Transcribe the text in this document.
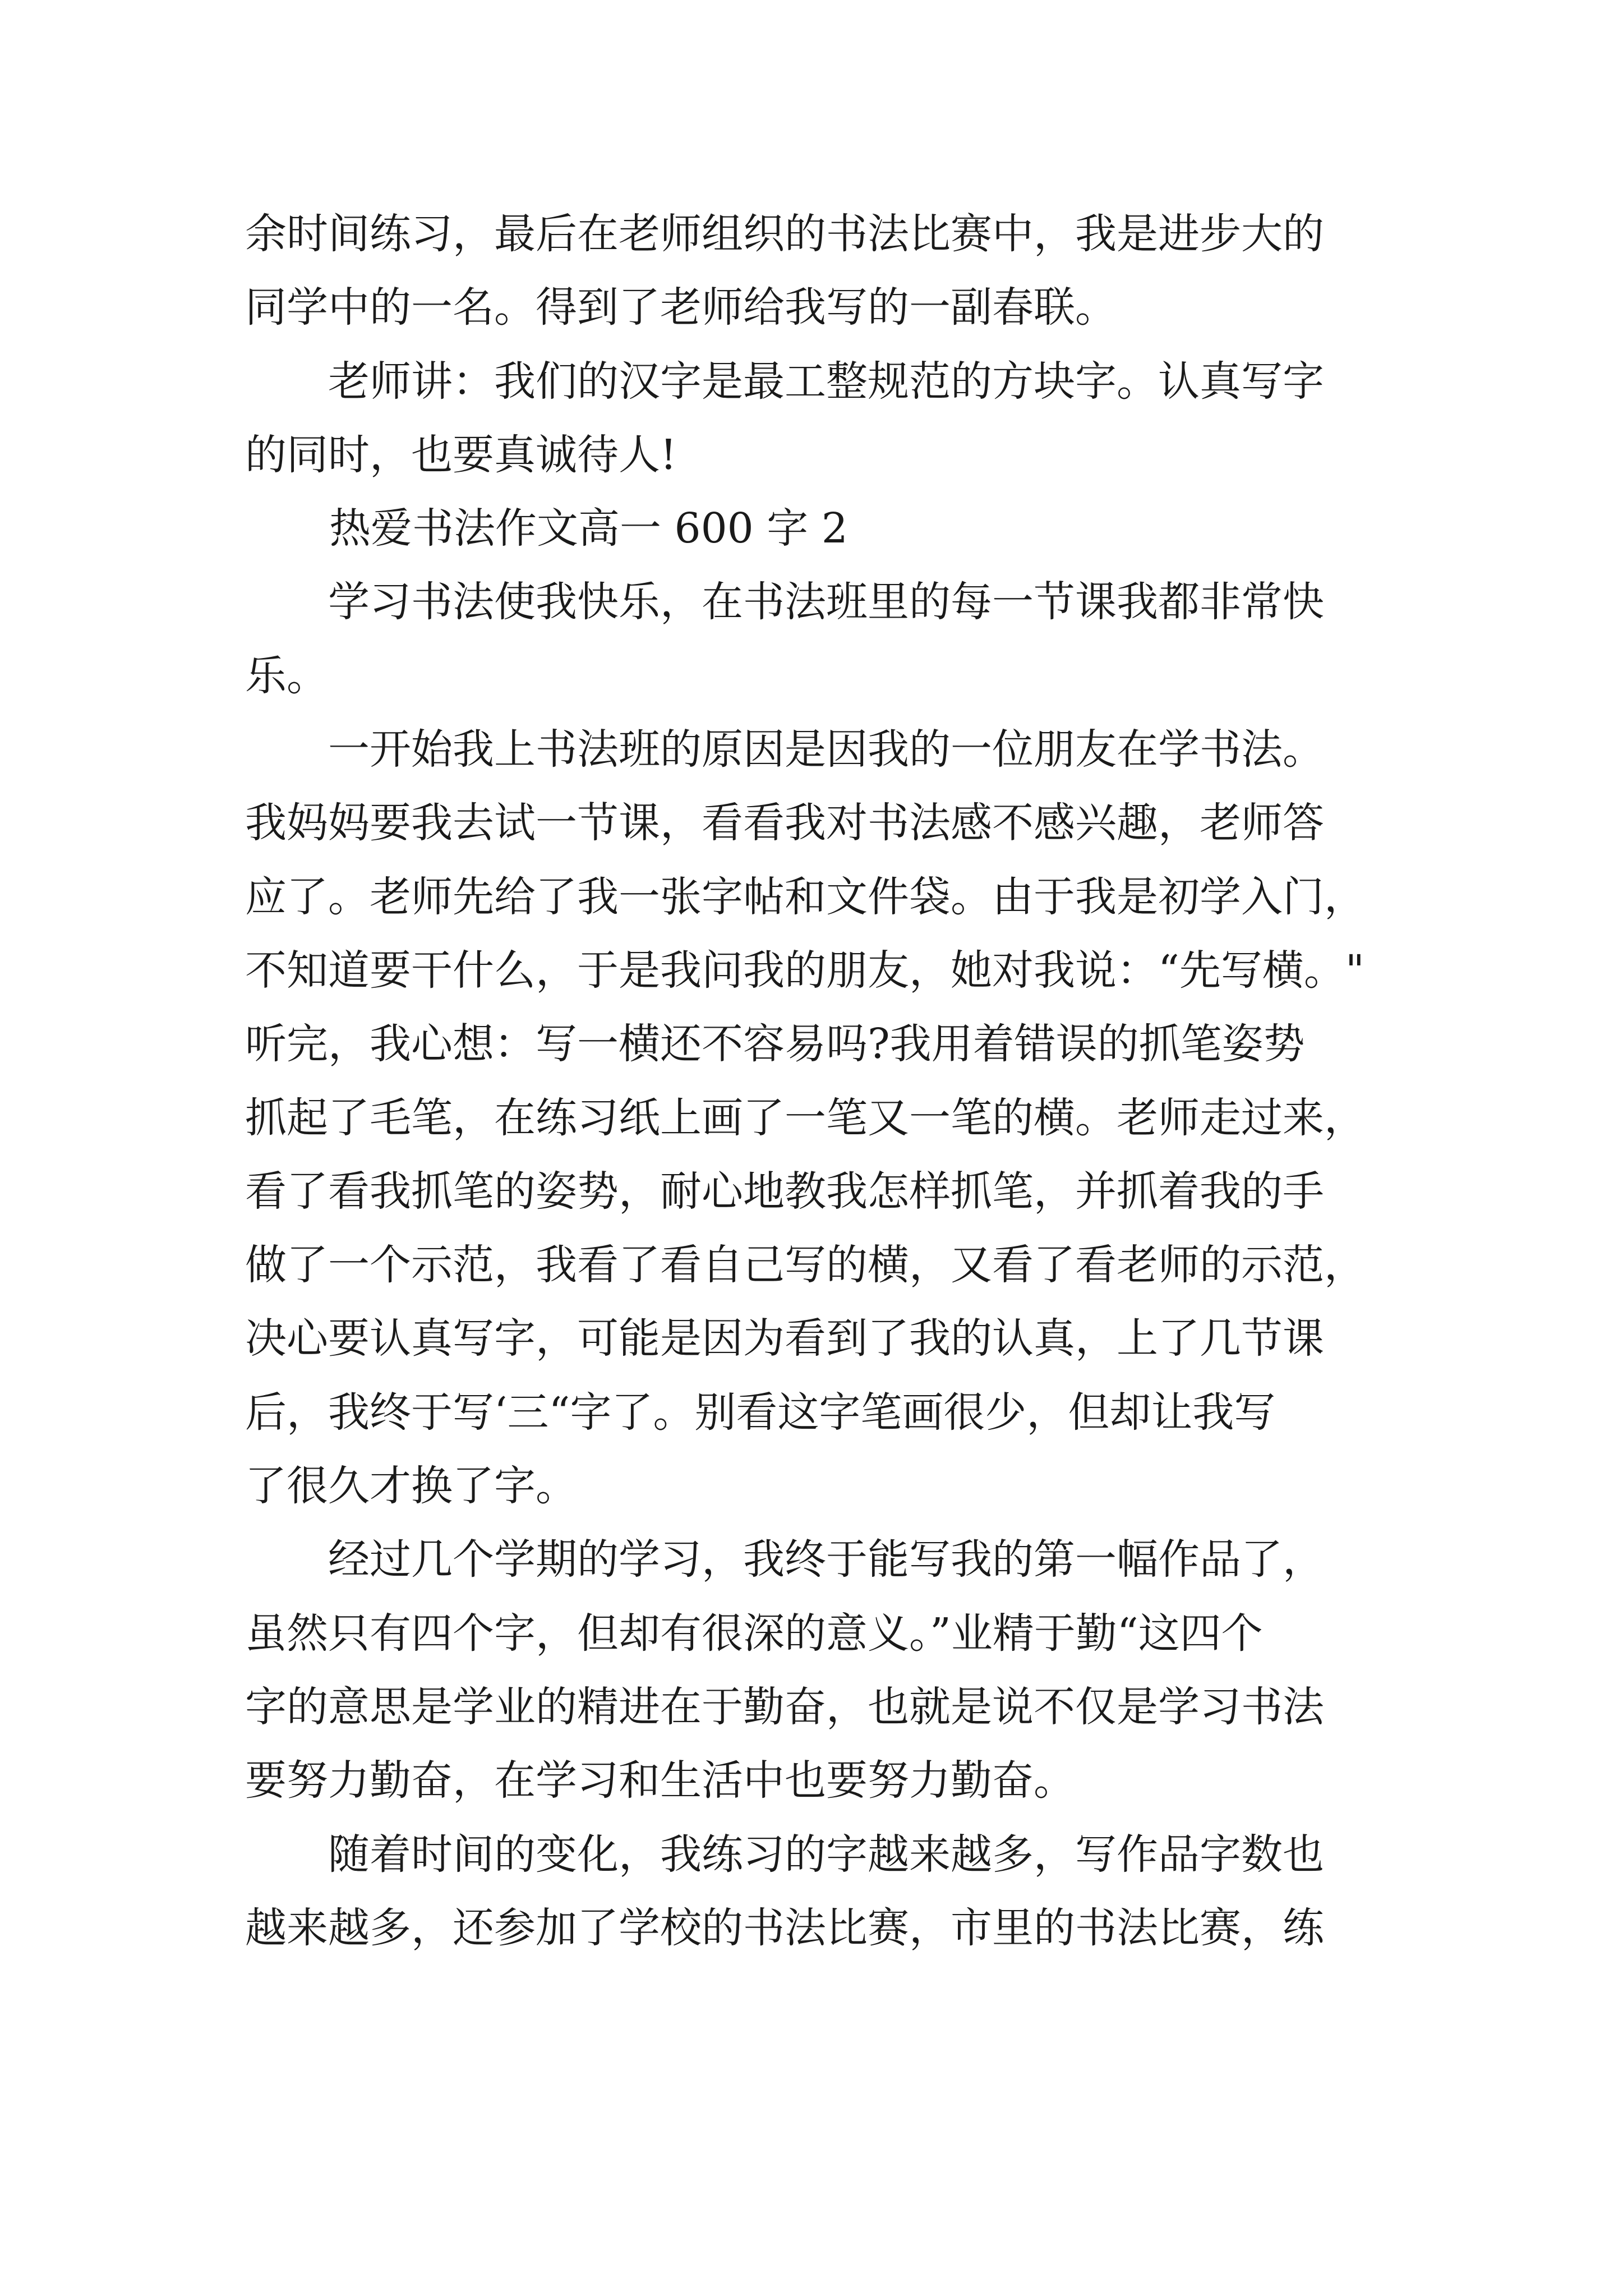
余时间练习，最后在老师组织的书法比赛中，我是进步大的
同学中的一名。得到了老师给我写的一副春联。
老师讲：我们的汉字是最工整规范的方块字。认真写字
的同时，也要真诚待人!
热爱书法作文高一 600 字 2
学习书法使我快乐，在书法班里的每一节课我都非常快
乐。
一开始我上书法班的原因是因我的一位朋友在学书法。
我妈妈要我去试一节课，看看我对书法感不感兴趣，老师答
应了。老师先给了我一张字帖和文件袋。由于我是初学入门，
不知道要干什么，于是我问我的朋友，她对我说：“先写横。"
听完，我心想：写一横还不容易吗?我用着错误的抓笔姿势
抓起了毛笔，在练习纸上画了一笔又一笔的横。老师走过来，
看了看我抓笔的姿势，耐心地教我怎样抓笔，并抓着我的手
做了一个示范，我看了看自己写的横，又看了看老师的示范，
决心要认真写字，可能是因为看到了我的认真，上了几节课
后，我终于写‘三“字了。别看这字笔画很少，但却让我写
了很久才换了字。
经过几个学期的学习，我终于能写我的第一幅作品了，
虽然只有四个字，但却有很深的意义。”业精于勤“这四个
字的意思是学业的精进在于勤奋，也就是说不仅是学习书法
要努力勤奋，在学习和生活中也要努力勤奋。
随着时间的变化，我练习的字越来越多，写作品字数也
越来越多，还参加了学校的书法比赛，市里的书法比赛，练
